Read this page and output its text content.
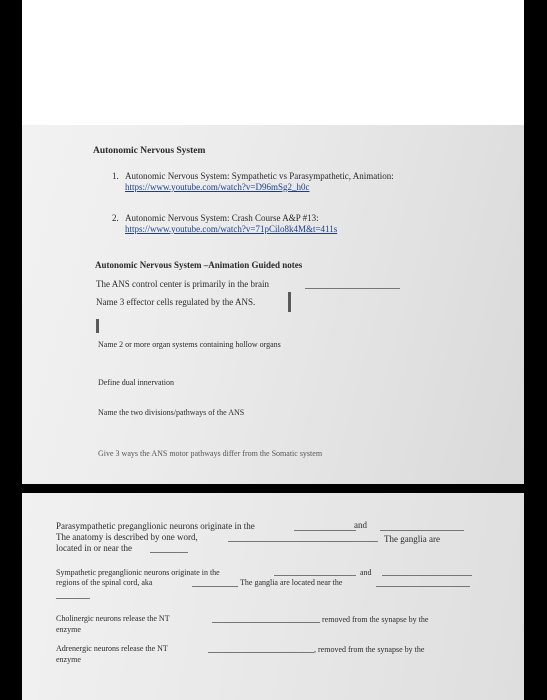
Autonomic Nervous System
1. Autonomic Nervous System: Sympathetic vs Parasympathetic, Animation:
https://www.youtube.com/watch?v=D96mSg2_h0c
2. Autonomic Nervous System: Crash Course A&P #13:
https://www.youtube.com/watch?v=71pCilo8k4M&t=411s
Autonomic Nervous System –Animation Guided notes
The ANS control center is primarily in the brain
Name 3 effector cells regulated by the ANS.
Name 2 or more organ systems containing hollow organs
Define dual innervation
Name the two divisions/pathways of the ANS
Give 3 ways the ANS motor pathways differ from the Somatic system
Parasympathetic preganglionic neurons originate in the	and
The anatomy is described by one word,	The ganglia are
located in or near the
Sympathetic preganglionic neurons originate in the	and
regions of the spinal cord, aka	The ganglia are located near the
Cholinergic neurons release the NT	removed from the synapse by the
enzyme
Adrenergic neurons release the NT	, removed from the synapse by the
enzyme
